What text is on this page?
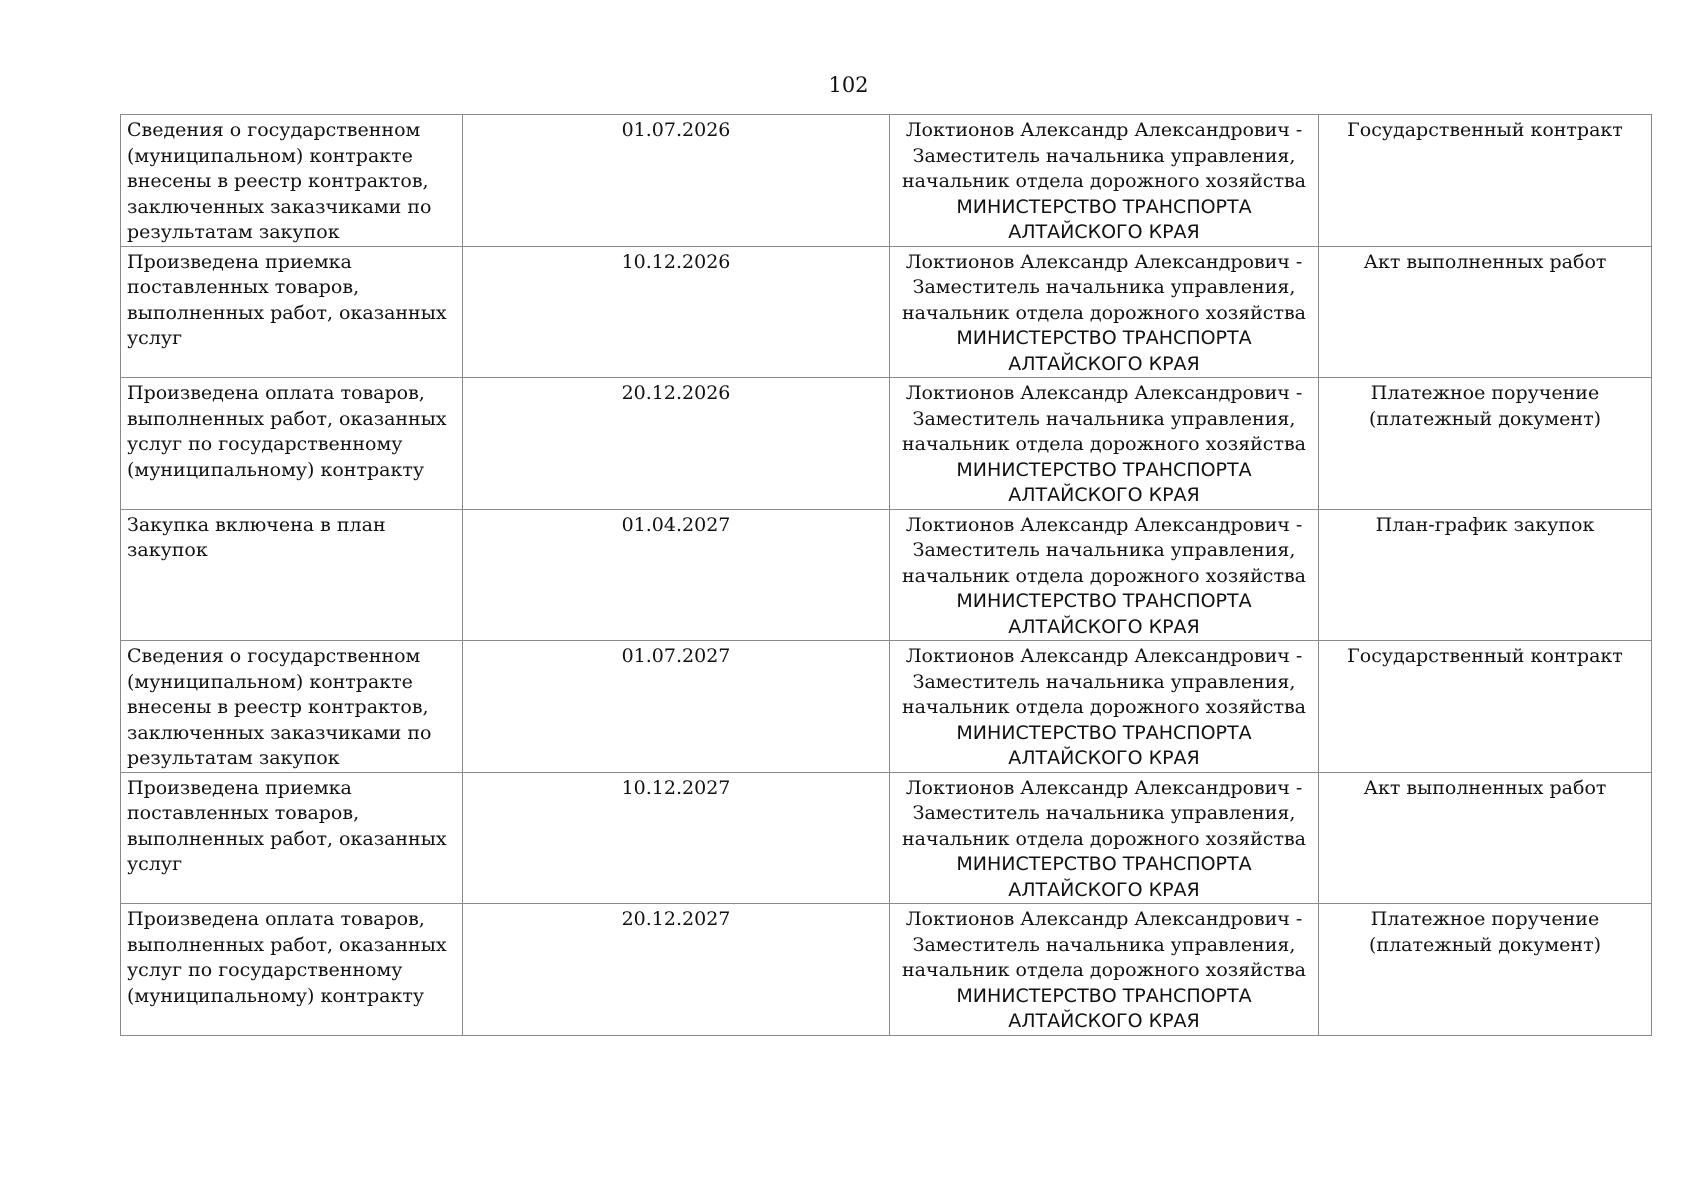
102
Сведения о государственном (муниципальном) контракте внесены в реестр контрактов, заключенных заказчиками по результатам закупок	01.07.2026	Локтионов Александр Александрович -
Заместитель начальника управления, начальник отдела дорожного хозяйства
МИНИСТЕРСТВО ТРАНСПОРТА АЛТАЙСКОГО КРАЯ	Государственный контракт
Произведена приемка поставленных товаров, выполненных работ, оказанных услуг	10.12.2026	Локтионов Александр Александрович -
Заместитель начальника управления, начальник отдела дорожного хозяйства
МИНИСТЕРСТВО ТРАНСПОРТА АЛТАЙСКОГО КРАЯ	Акт выполненных работ
Произведена оплата товаров, выполненных работ, оказанных услуг по государственному (муниципальному) контракту	20.12.2026	Локтионов Александр Александрович -
Заместитель начальника управления, начальник отдела дорожного хозяйства
МИНИСТЕРСТВО ТРАНСПОРТА АЛТАЙСКОГО КРАЯ	Платежное поручение (платежный документ)
Закупка включена в план закупок	01.04.2027	Локтионов Александр Александрович -
Заместитель начальника управления, начальник отдела дорожного хозяйства
МИНИСТЕРСТВО ТРАНСПОРТА АЛТАЙСКОГО КРАЯ	План-график закупок
Сведения о государственном (муниципальном) контракте внесены в реестр контрактов, заключенных заказчиками по результатам закупок	01.07.2027	Локтионов Александр Александрович -
Заместитель начальника управления, начальник отдела дорожного хозяйства
МИНИСТЕРСТВО ТРАНСПОРТА АЛТАЙСКОГО КРАЯ	Государственный контракт
Произведена приемка поставленных товаров, выполненных работ, оказанных услуг	10.12.2027	Локтионов Александр Александрович -
Заместитель начальника управления, начальник отдела дорожного хозяйства
МИНИСТЕРСТВО ТРАНСПОРТА АЛТАЙСКОГО КРАЯ	Акт выполненных работ
Произведена оплата товаров, выполненных работ, оказанных услуг по государственному (муниципальному) контракту	20.12.2027	Локтионов Александр Александрович -
Заместитель начальника управления, начальник отдела дорожного хозяйства
МИНИСТЕРСТВО ТРАНСПОРТА АЛТАЙСКОГО КРАЯ	Платежное поручение (платежный документ)
